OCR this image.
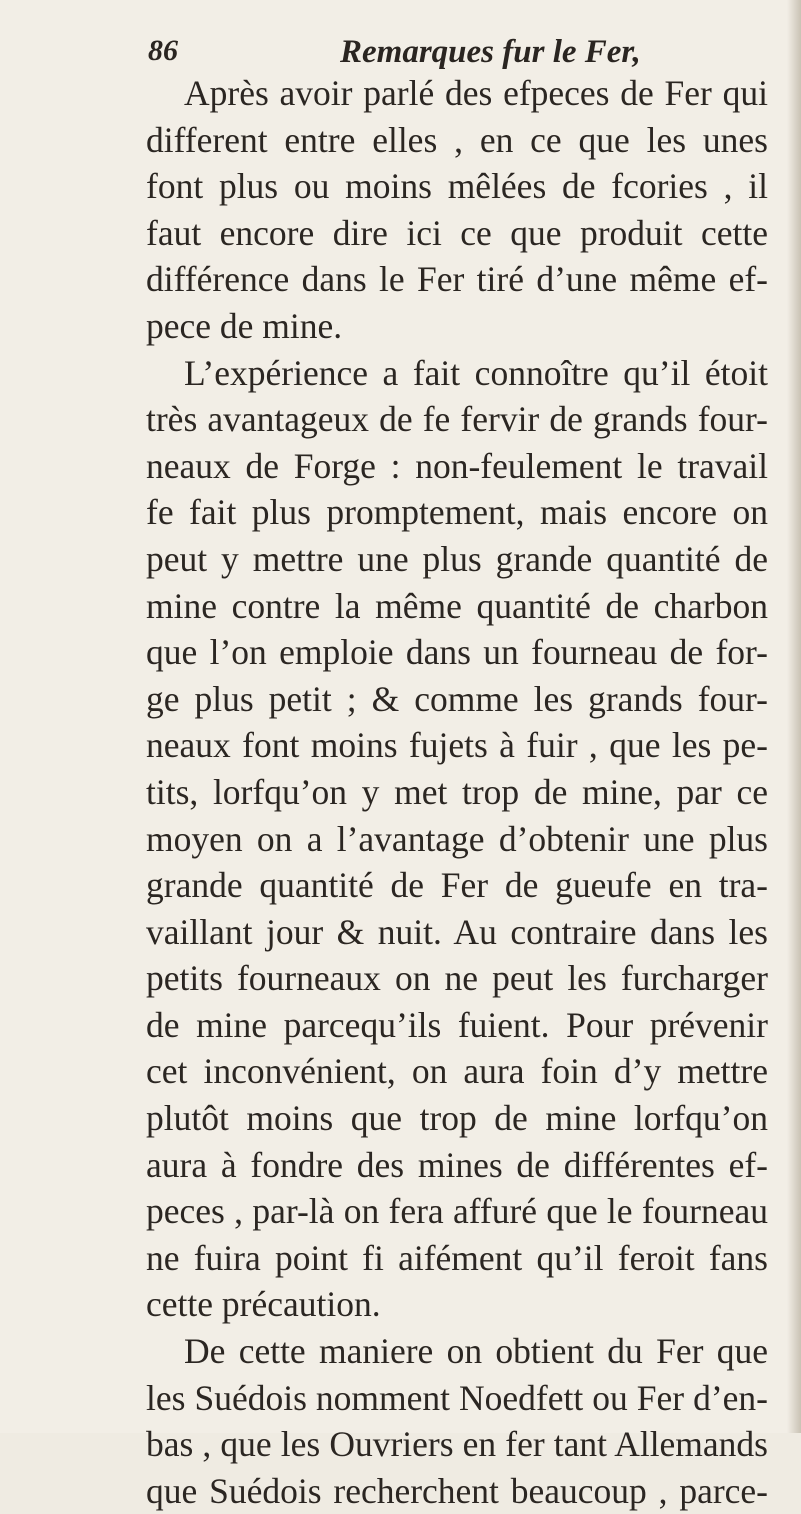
86	Remarques fur le Fer,
Après avoir parlé des efpeces de Fer qui
different entre elles , en ce que les unes
font plus ou moins mêlées de fcories , il
faut encore dire ici ce que produit cette
différence dans le Fer tiré d’une même ef-
pece de mine.
L’expérience a fait connoître qu’il étoit
très avantageux de fe fervir de grands four-
neaux de Forge : non-feulement le travail
fe fait plus promptement, mais encore on
peut y mettre une plus grande quantité de
mine contre la même quantité de charbon
que l’on emploie dans un fourneau de for-
ge plus petit ; & comme les grands four-
neaux font moins fujets à fuir , que les pe-
tits, lorfqu’on y met trop de mine, par ce
moyen on a l’avantage d’obtenir une plus
grande quantité de Fer de gueufe en tra-
vaillant jour & nuit. Au contraire dans les
petits fourneaux on ne peut les furcharger
de mine parcequ’ils fuient. Pour prévenir
cet inconvénient, on aura foin d’y mettre
plutôt moins que trop de mine lorfqu’on
aura à fondre des mines de différentes ef-
peces , par-là on fera affuré que le fourneau
ne fuira point fi aifément qu’il feroit fans
cette précaution.
De cette maniere on obtient du Fer que
les Suédois nomment Noedfett ou Fer d’en-
bas , que les Ouvriers en fer tant Allemands
que Suédois recherchent beaucoup , parce-
